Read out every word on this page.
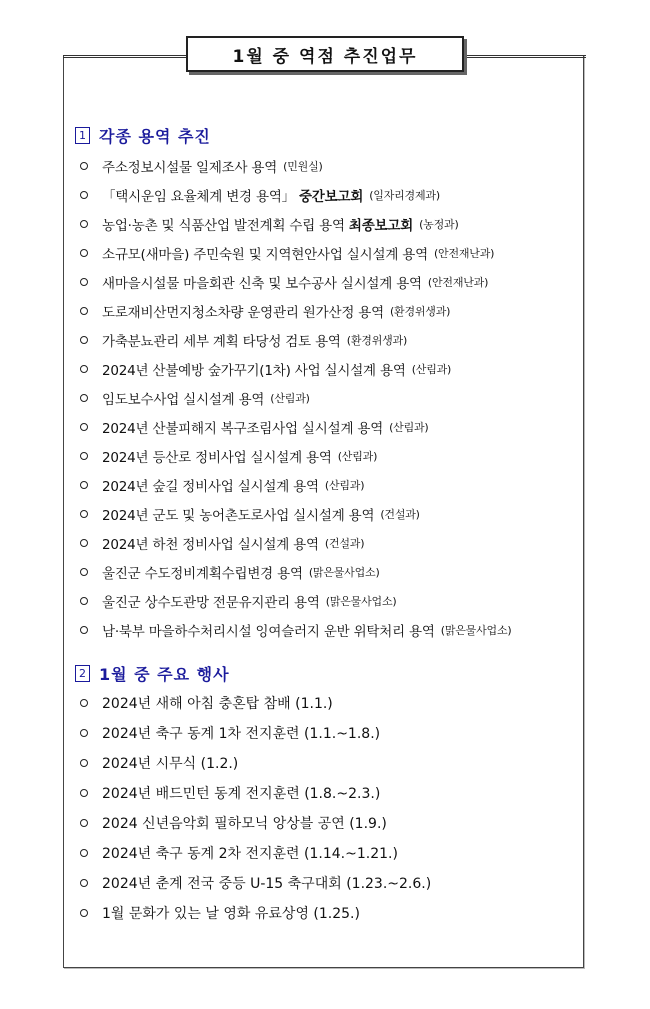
1월 중 역점 추진업무
1 각종 용역 추진
주소정보시설물 일제조사 용역 (민원실)
「택시운임 요율체계 변경 용역」 중간보고회 (일자리경제과)
농업·농촌 및 식품산업 발전계획 수립 용역 최종보고회 (농정과)
소규모(새마을) 주민숙원 및 지역현안사업 실시설계 용역 (안전재난과)
새마을시설물 마을회관 신축 및 보수공사 실시설계 용역 (안전재난과)
도로재비산먼지청소차량 운영관리 원가산정 용역 (환경위생과)
가축분뇨관리 세부 계획 타당성 검토 용역 (환경위생과)
2024년 산불예방 숲가꾸기(1차) 사업 실시설계 용역 (산림과)
임도보수사업 실시설계 용역 (산림과)
2024년 산불피해지 복구조림사업 실시설계 용역 (산림과)
2024년 등산로 정비사업 실시설계 용역 (산림과)
2024년 숲길 정비사업 실시설계 용역 (산림과)
2024년 군도 및 농어촌도로사업 실시설계 용역 (건설과)
2024년 하천 정비사업 실시설계 용역 (건설과)
울진군 수도정비계획수립변경 용역 (맑은물사업소)
울진군 상수도관망 전문유지관리 용역 (맑은물사업소)
남·북부 마을하수처리시설 잉여슬러지 운반 위탁처리 용역 (맑은물사업소)
2 1월 중 주요 행사
2024년 새해 아침 충혼탑 참배 (1.1.)
2024년 축구 동계 1차 전지훈련 (1.1.~1.8.)
2024년 시무식 (1.2.)
2024년 배드민턴 동계 전지훈련 (1.8.~2.3.)
2024 신년음악회 필하모닉 앙상블 공연 (1.9.)
2024년 축구 동계 2차 전지훈련 (1.14.~1.21.)
2024년 춘계 전국 중등 U-15 축구대회 (1.23.~2.6.)
1월 문화가 있는 날 영화 유료상영 (1.25.)
